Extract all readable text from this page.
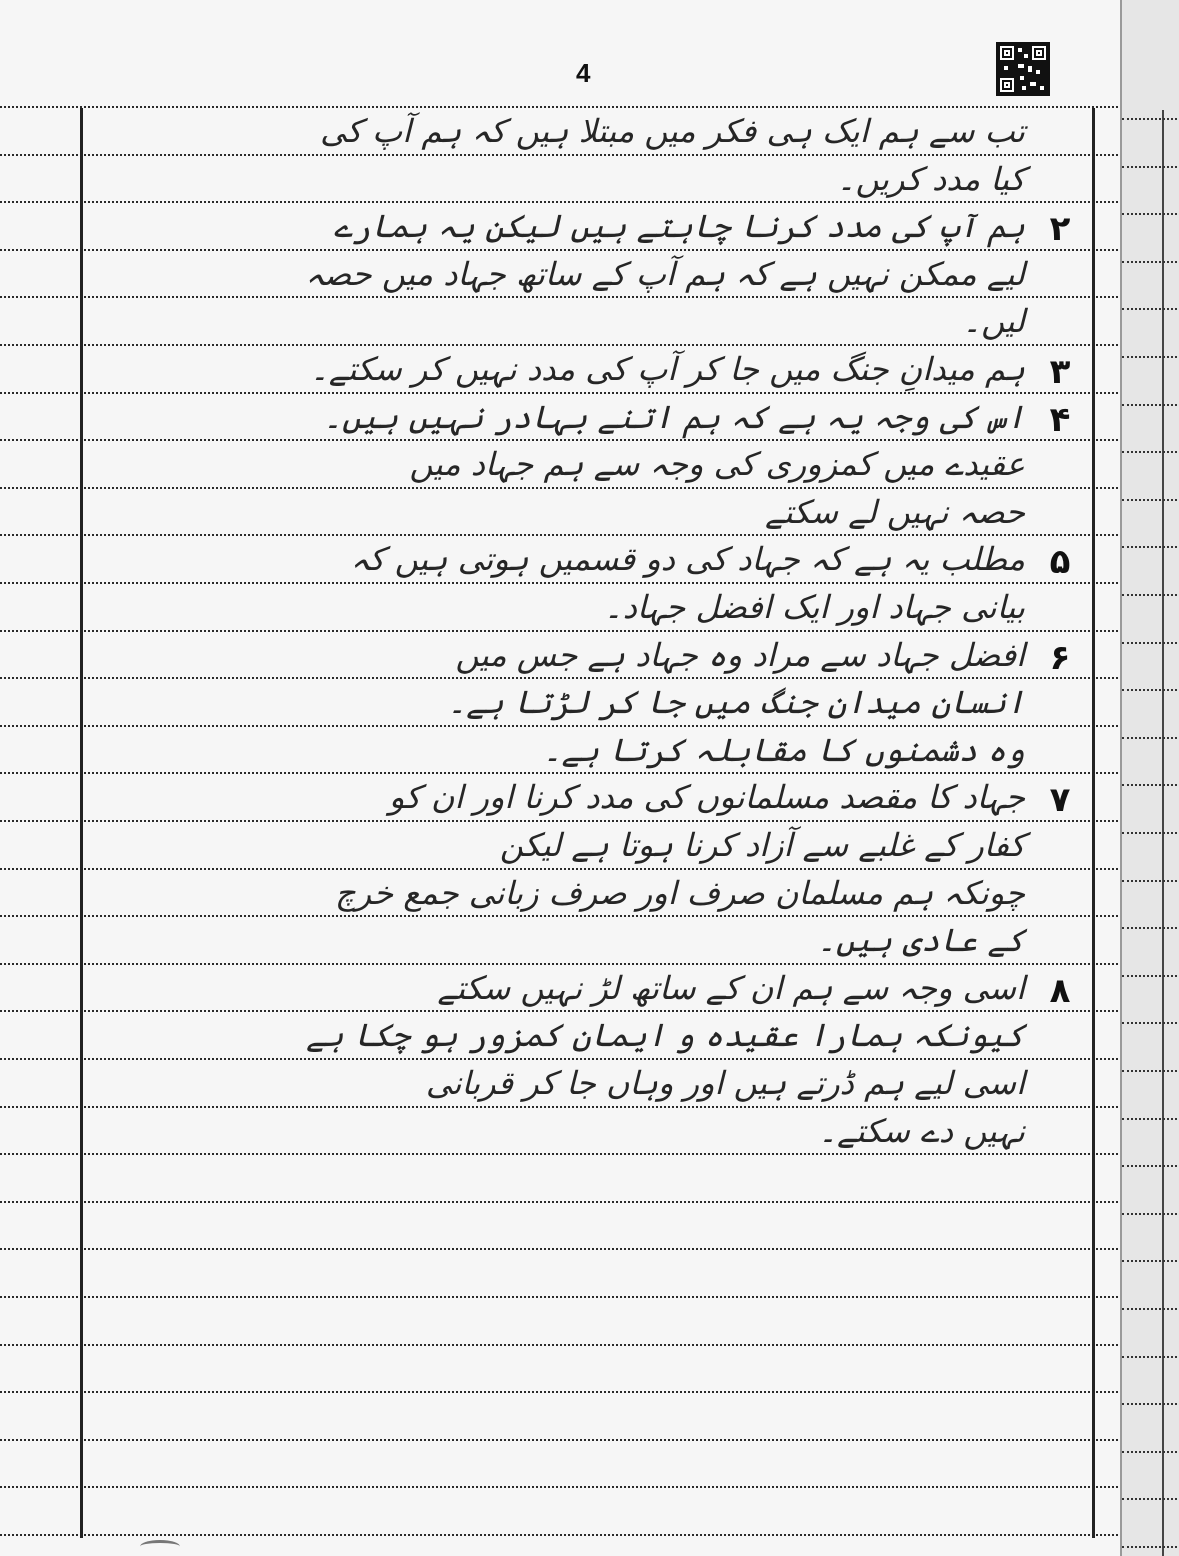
4
تب سے ہم ایک ہی فکر میں مبتلا ہیں کہ ہم آپ کی
کیا مدد کریں۔
ہم آپ کی مدد کرنا چاہتے ہیں لیکن یہ ہمارے ۲
لیے ممکن نہیں ہے کہ ہم آپ کے ساتھ جہاد میں حصہ
لیں۔
ہم میدانِ جنگ میں جا کر آپ کی مدد نہیں کر سکتے۔ ۳
اس کی وجہ یہ ہے کہ ہم اتنے بہادر نہیں ہیں۔ ۴
عقیدے میں کمزوری کی وجہ سے ہم جہاد میں
حصہ نہیں لے سکتے
مطلب یہ ہے کہ جہاد کی دو قسمیں ہوتی ہیں کہ ۵
بیانی جہاد اور ایک افضل جہاد۔
افضل جہاد سے مراد وہ جہاد ہے جس میں ۶
انسان میدان جنگ میں جا کر لڑتا ہے۔
وہ دشمنوں کا مقابلہ کرتا ہے۔
جہاد کا مقصد مسلمانوں کی مدد کرنا اور ان کو ۷
کفار کے غلبے سے آزاد کرنا ہوتا ہے لیکن
چونکہ ہم مسلمان صرف اور صرف زبانی جمع خرچ
کے عادی ہیں۔
اسی وجہ سے ہم ان کے ساتھ لڑ نہیں سکتے ۸
کیونکہ ہمارا عقیدہ و ایمان کمزور ہو چکا ہے
اسی لیے ہم ڈرتے ہیں اور وہاں جا کر قربانی
نہیں دے سکتے۔
